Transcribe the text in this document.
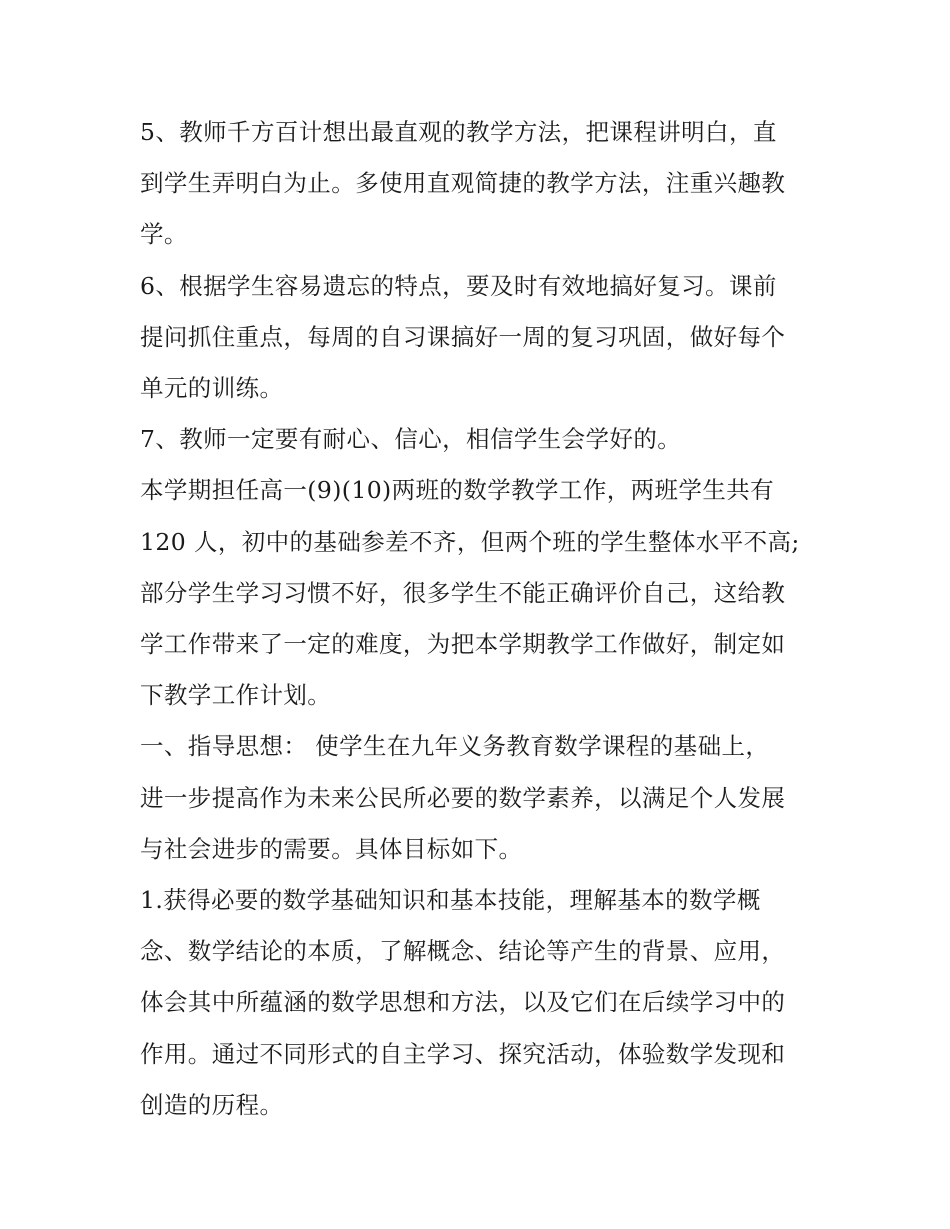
5、教师千方百计想出最直观的教学方法，把课程讲明白，直
到学生弄明白为止。多使用直观简捷的教学方法，注重兴趣教
学。

6、根据学生容易遗忘的特点，要及时有效地搞好复习。课前
提问抓住重点，每周的自习课搞好一周的复习巩固，做好每个
单元的训练。

7、教师一定要有耐心、信心，相信学生会学好的。

本学期担任高一(9)(10)两班的数学教学工作，两班学生共有
120 人，初中的基础参差不齐，但两个班的学生整体水平不高;
部分学生学习习惯不好，很多学生不能正确评价自己，这给教
学工作带来了一定的难度，为把本学期教学工作做好，制定如
下教学工作计划。

一、指导思想： 使学生在九年义务教育数学课程的基础上，
进一步提高作为未来公民所必要的数学素养，以满足个人发展
与社会进步的需要。具体目标如下。

1.获得必要的数学基础知识和基本技能，理解基本的数学概
念、数学结论的本质，了解概念、结论等产生的背景、应用，
体会其中所蕴涵的数学思想和方法，以及它们在后续学习中的
作用。通过不同形式的自主学习、探究活动，体验数学发现和
创造的历程。
